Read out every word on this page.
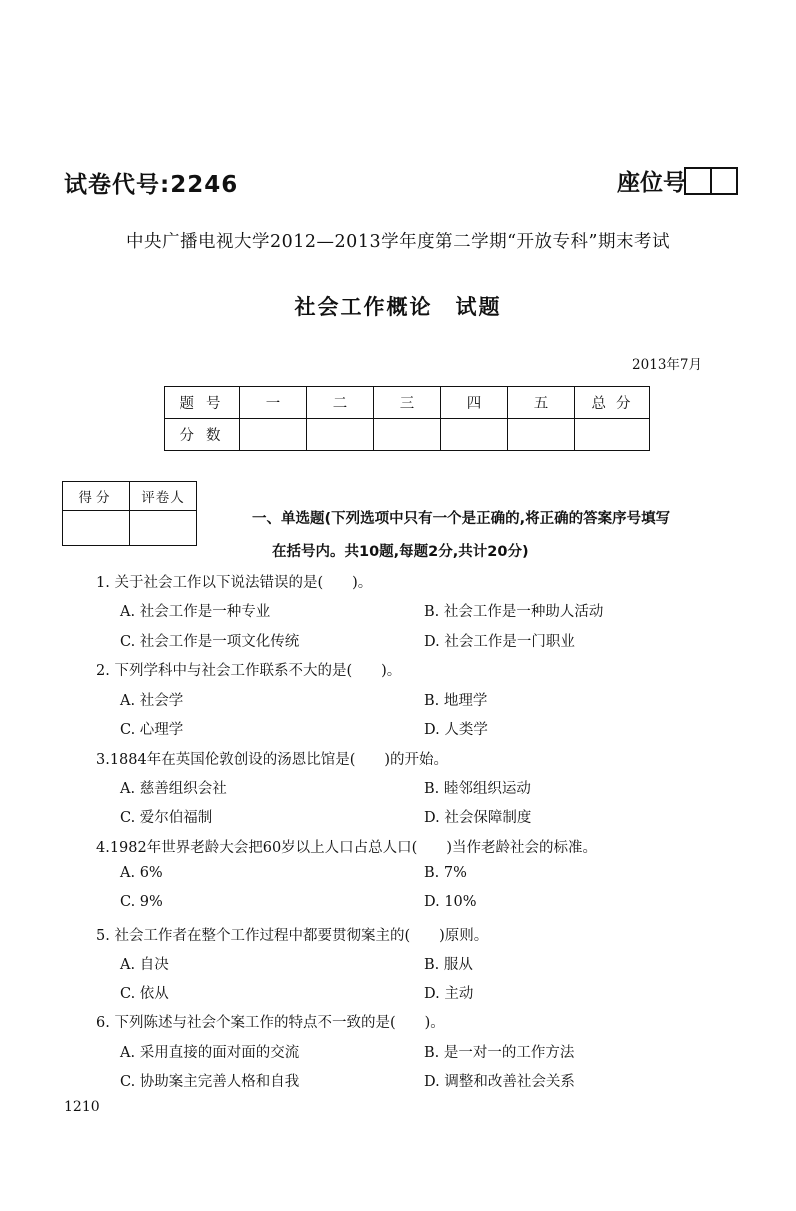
试卷代号:2246	座位号
中央广播电视大学2012—2013学年度第二学期“开放专科”期末考试
社会工作概论　试题
2013年7月
题号	一	二	三	四	五	总分
分数						
得分	评卷人

一、单选题(下列选项中只有一个是正确的,将正确的答案序号填写
在括号内。共10题,每题2分,共计20分)
1. 关于社会工作以下说法错误的是(　　)。
A. 社会工作是一种专业	B. 社会工作是一种助人活动
C. 社会工作是一项文化传统	D. 社会工作是一门职业
2. 下列学科中与社会工作联系不大的是(　　)。
A. 社会学	B. 地理学
C. 心理学	D. 人类学
3.1884年在英国伦敦创设的汤恩比馆是(　　)的开始。
A. 慈善组织会社	B. 睦邻组织运动
C. 爱尔伯福制	D. 社会保障制度
4.1982年世界老龄大会把60岁以上人口占总人口(　　)当作老龄社会的标准。
A. 6%	B. 7%
C. 9%	D. 10%
5. 社会工作者在整个工作过程中都要贯彻案主的(　　)原则。
A. 自决	B. 服从
C. 依从	D. 主动
6. 下列陈述与社会个案工作的特点不一致的是(　　)。
A. 采用直接的面对面的交流	B. 是一对一的工作方法
C. 协助案主完善人格和自我	D. 调整和改善社会关系
1210
